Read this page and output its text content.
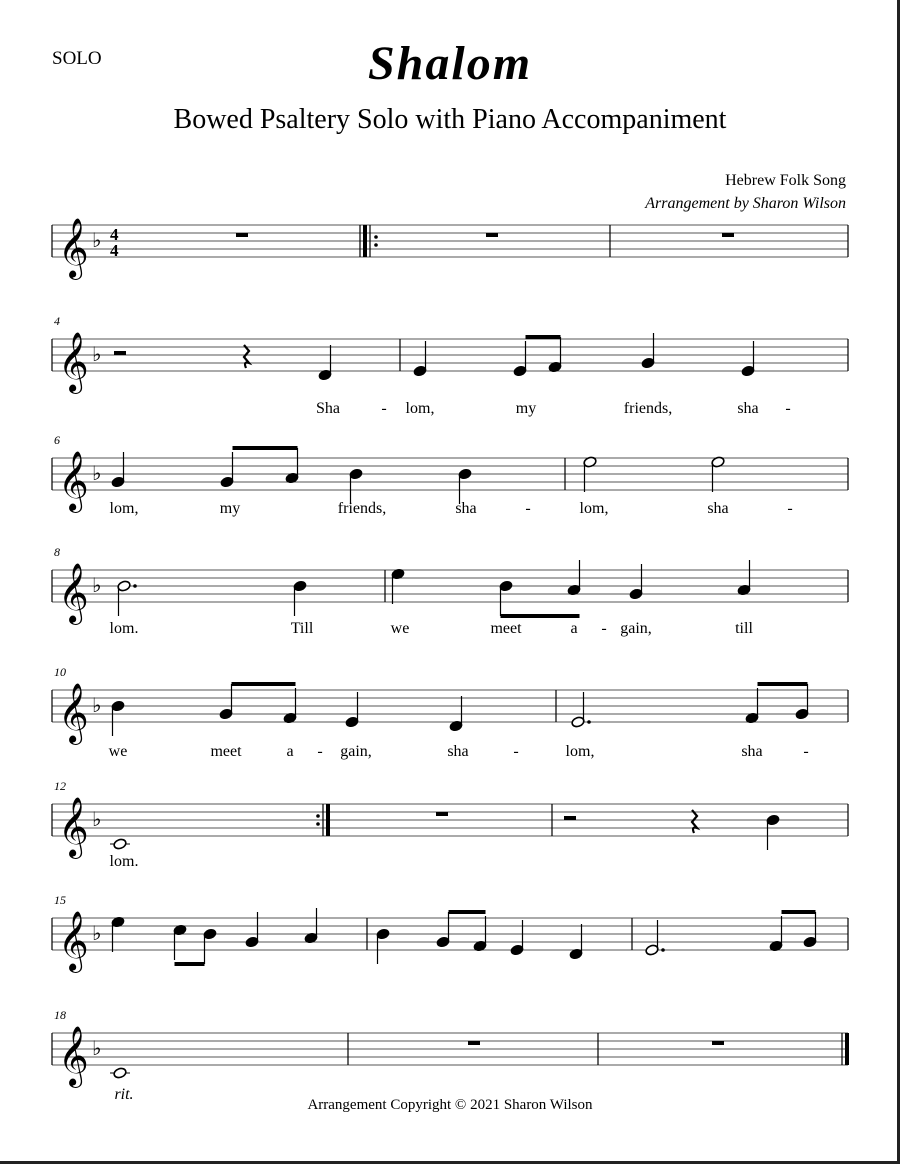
SOLO	Shalom
Bowed Psaltery Solo with Piano Accompaniment
Hebrew Folk Song
Arrangement by Sharon Wilson
𝄞 ♭ 4
4
𝄞 ♭
4
Sha	- lom,	my	friends,	sha -
𝄞 ♭
6
lom,	my	friends,	sha	-	lom,	sha	-
𝄞 ♭
8
lom.	Till	we	meet	a - gain,	till
𝄞 ♭
10
we	meet	a - gain,	sha	-	lom,	sha	-
𝄞 ♭
12
lom.
𝄞 ♭
15
𝄞 ♭
18
rit.
Arrangement Copyright © 2021 Sharon Wilson
